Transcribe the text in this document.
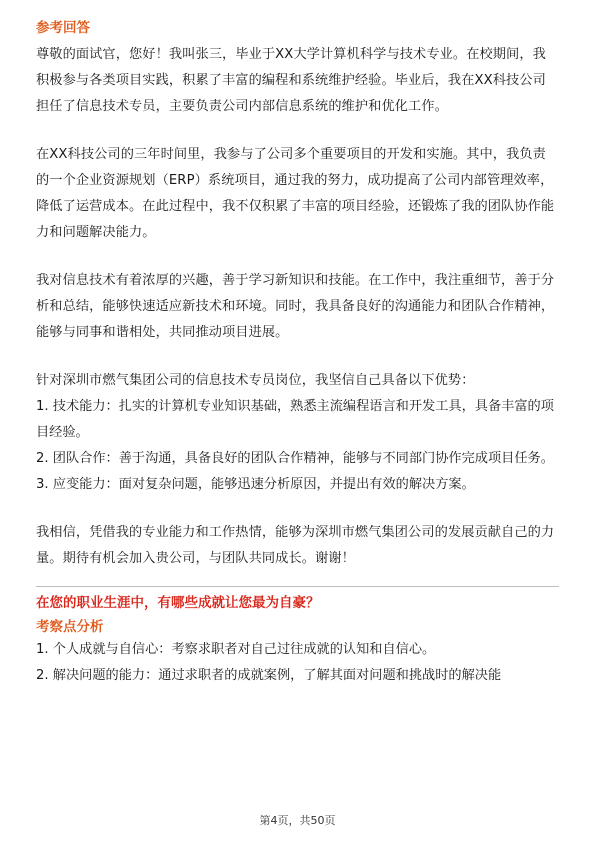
参考回答

尊敬的面试官，您好！我叫张三，毕业于XX大学计算机科学与技术专业。在校期间，我积极参与各类项目实践，积累了丰富的编程和系统维护经验。毕业后，我在XX科技公司担任了信息技术专员，主要负责公司内部信息系统的维护和优化工作。

在XX科技公司的三年时间里，我参与了公司多个重要项目的开发和实施。其中，我负责的一个企业资源规划（ERP）系统项目，通过我的努力，成功提高了公司内部管理效率，降低了运营成本。在此过程中，我不仅积累了丰富的项目经验，还锻炼了我的团队协作能力和问题解决能力。

我对信息技术有着浓厚的兴趣，善于学习新知识和技能。在工作中，我注重细节，善于分析和总结，能够快速适应新技术和环境。同时，我具备良好的沟通能力和团队合作精神，能够与同事和谐相处，共同推动项目进展。

针对深圳市燃气集团公司的信息技术专员岗位，我坚信自己具备以下优势：

1. 技术能力：扎实的计算机专业知识基础，熟悉主流编程语言和开发工具，具备丰富的项目经验。

2. 团队合作：善于沟通，具备良好的团队合作精神，能够与不同部门协作完成项目任务。

3. 应变能力：面对复杂问题，能够迅速分析原因，并提出有效的解决方案。

我相信，凭借我的专业能力和工作热情，能够为深圳市燃气集团公司的发展贡献自己的力量。期待有机会加入贵公司，与团队共同成长。谢谢！

在您的职业生涯中，有哪些成就让您最为自豪？

考察点分析

1. 个人成就与自信心：考察求职者对自己过往成就的认知和自信心。

2. 解决问题的能力：通过求职者的成就案例，了解其面对问题和挑战时的解决能

第4页，共50页
